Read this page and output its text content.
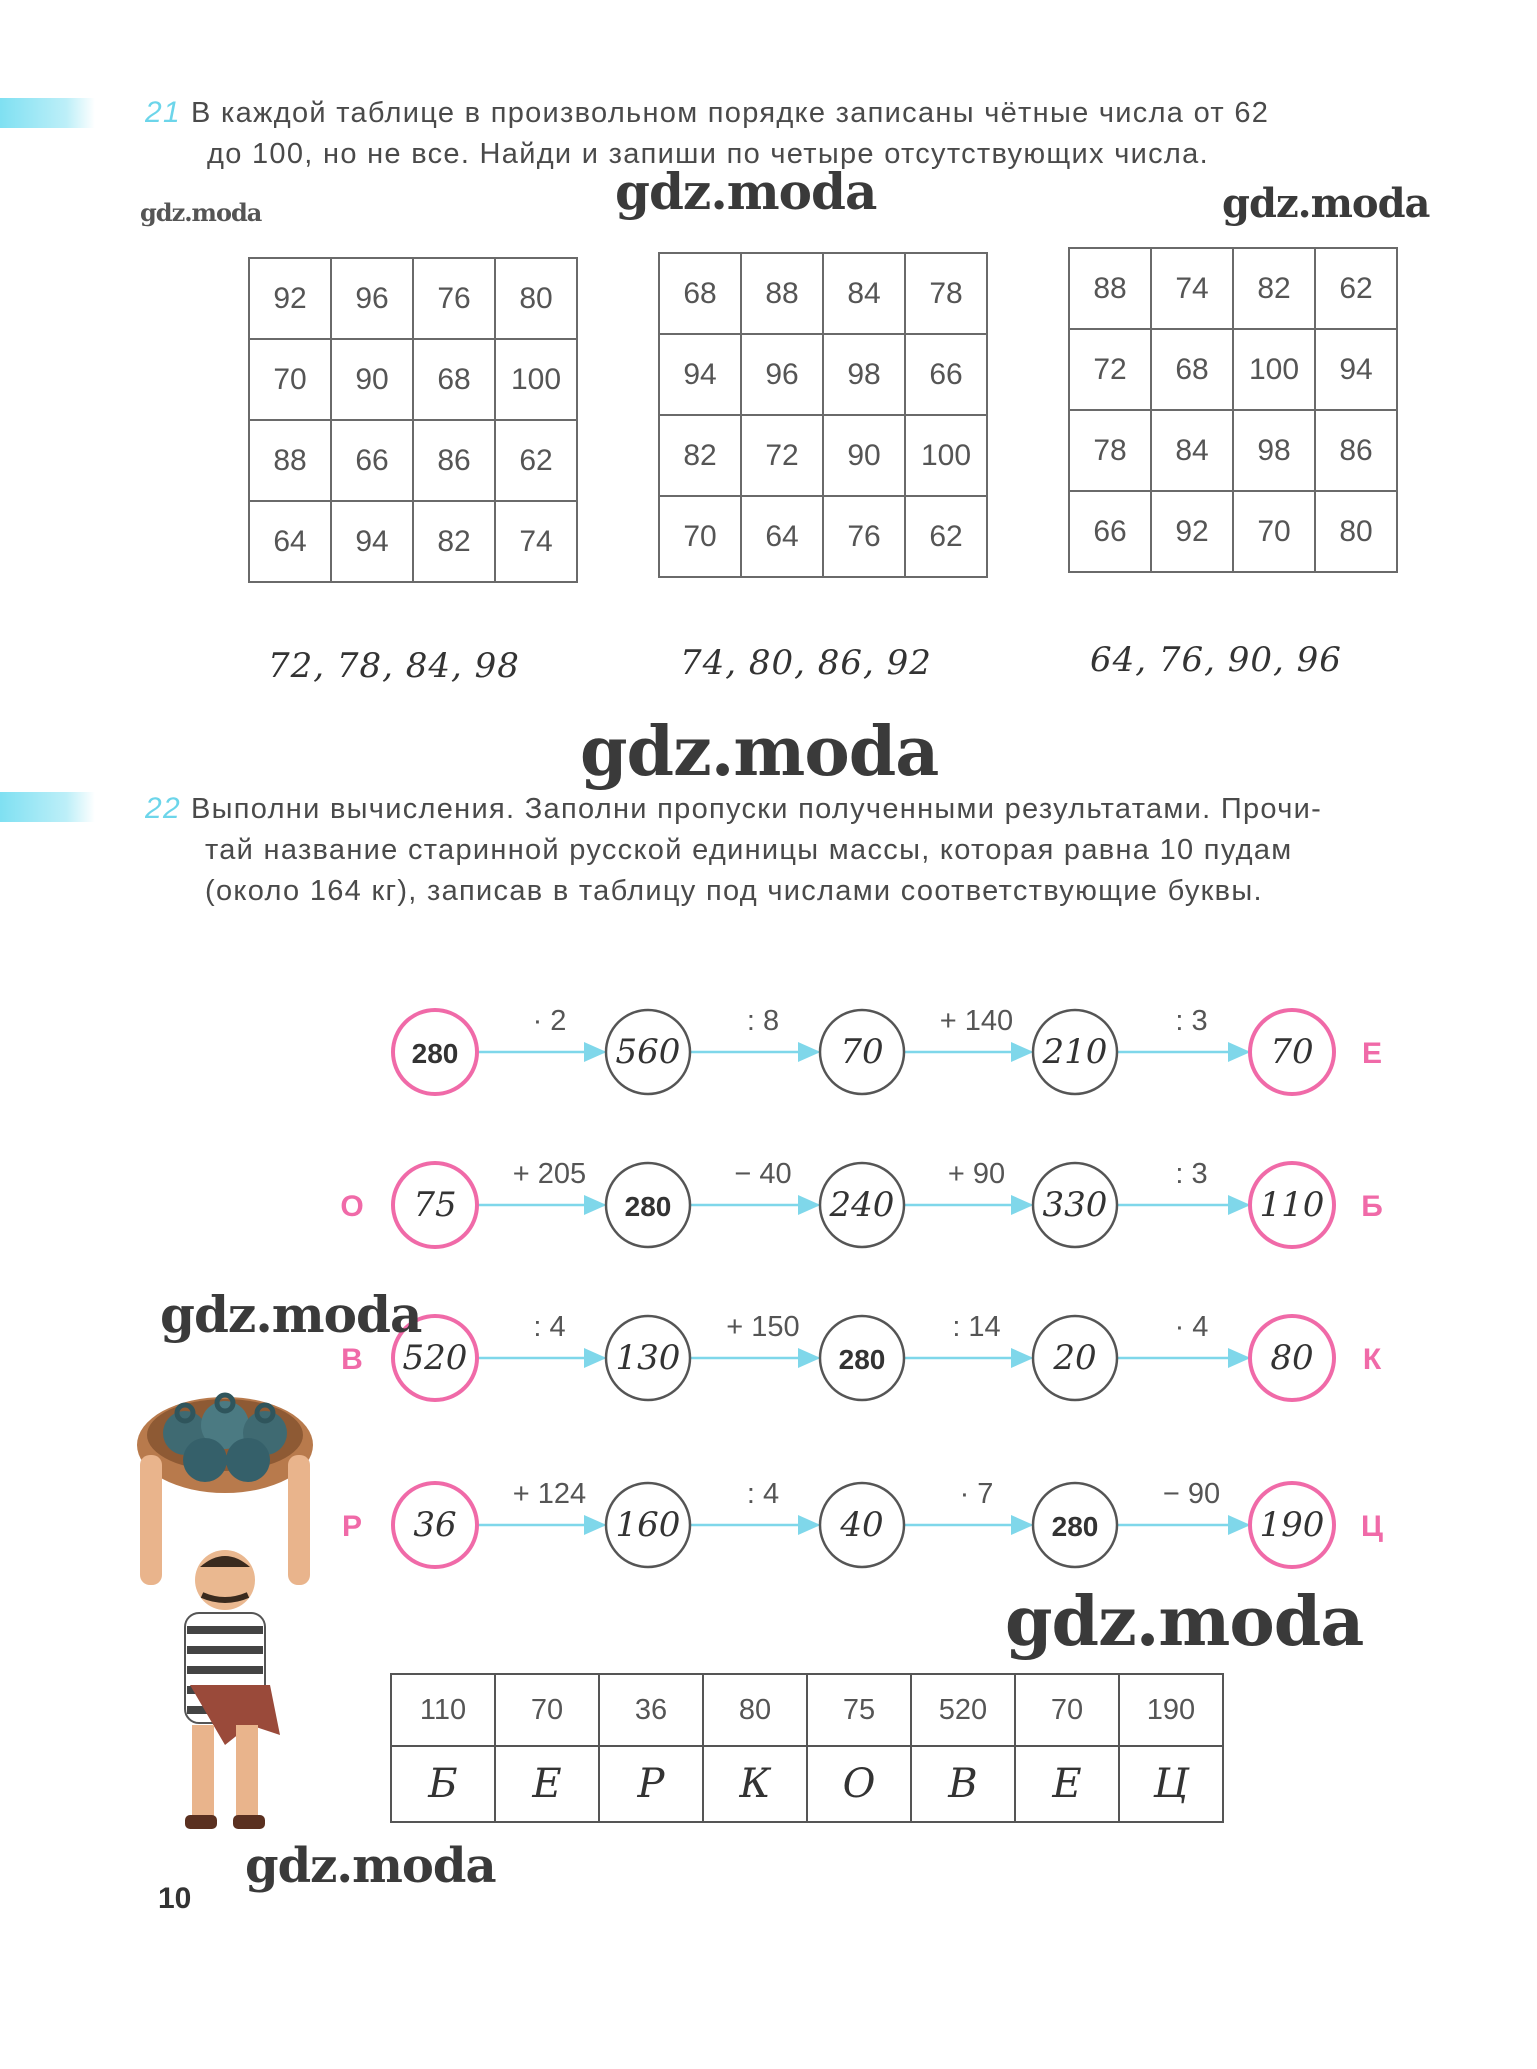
21 В каждой таблице в произвольном порядке записаны чётные числа от 62

до 100, но не все. Найди и запиши по четыре отсутствующих числа.

gdz.moda	gdz.moda	gdz.moda
92	96	76	80
70	90	68	100
88	66	86	62
64	94	82	74
68	88	84	78
94	96	98	66
82	72	90	100
70	64	76	62
88	74	82	62
72	68	100	94
78	84	98	86
66	92	70	80
72, 78, 84, 98	74, 80, 86, 92	64, 76, 90, 96
gdz.moda

22 Выполни вычисления. Заполни пропуски полученными результатами. Прочи-

тай название старинной русской единицы массы, которая равна 10 пудам

(около 164 кг), записав в таблицу под числами соответствующие буквы.

· 2	: 8	+ 140	: 3
280	560	70	210	70 Е
+ 205	− 40	+ 90	: 3
75	280	240	330	110
О	Б
: 4	+ 150	: 14	· 4
520	130	280	20	80
В	К
+ 124	: 4	· 7	− 90
36	160	40	280	190
Р	Ц
gdz.moda
gdz.moda
110	70	36	80	75	520	70	190
Б	Е	Р	К	О	В	Е	Ц
gdz.moda
10
